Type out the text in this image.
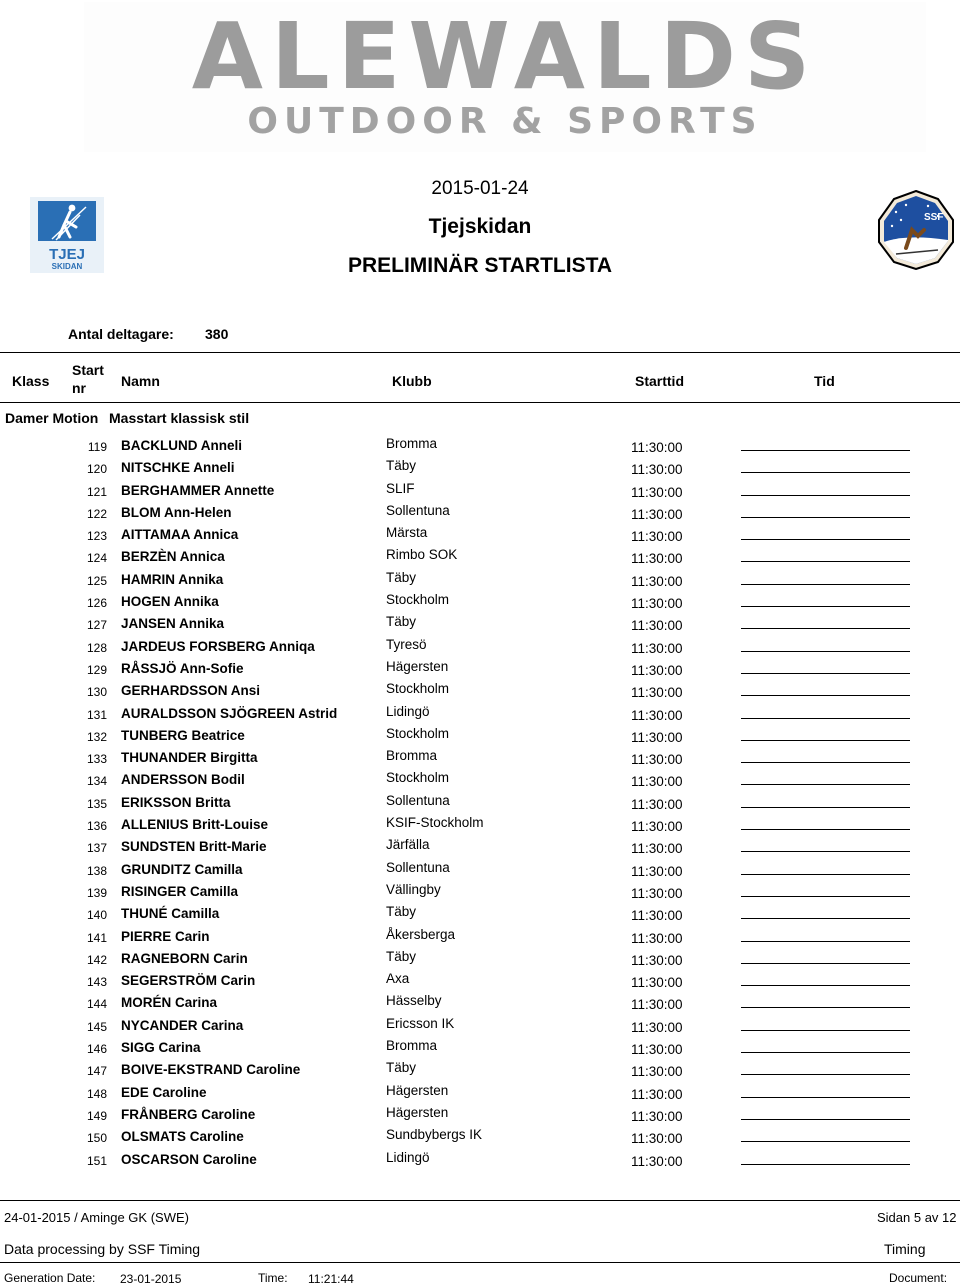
ALEWALDS
OUTDOOR & SPORTS
TJEJ
SKIDAN
SSF
2015-01-24
Tjejskidan
PRELIMINÄR STARTLISTA
Antal deltagare: 380
Klass
Start
nr	Namn	Klubb	Starttid	Tid
Damer Motion Masstart klassisk stil
119 BACKLUND Anneli	Bromma	11:30:00
120 NITSCHKE Anneli	Täby	11:30:00
121 BERGHAMMER Annette	SLIF	11:30:00
122 BLOM Ann-Helen	Sollentuna	11:30:00
123 AITTAMAA Annica	Märsta	11:30:00
124 BERZÈN Annica	Rimbo SOK	11:30:00
125 HAMRIN Annika	Täby	11:30:00
126 HOGEN Annika	Stockholm	11:30:00
127 JANSEN Annika	Täby	11:30:00
128 JARDEUS FORSBERG Anniqa	Tyresö	11:30:00
129 RÅSSJÖ Ann-Sofie	Hägersten	11:30:00
130 GERHARDSSON Ansi	Stockholm	11:30:00
131 AURALDSSON SJÖGREEN Astrid	Lidingö	11:30:00
132 TUNBERG Beatrice	Stockholm	11:30:00
133 THUNANDER Birgitta	Bromma	11:30:00
134 ANDERSSON Bodil	Stockholm	11:30:00
135 ERIKSSON Britta	Sollentuna	11:30:00
136 ALLENIUS Britt-Louise	KSIF-Stockholm	11:30:00
137 SUNDSTEN Britt-Marie	Järfälla	11:30:00
138 GRUNDITZ Camilla	Sollentuna	11:30:00
139 RISINGER Camilla	Vällingby	11:30:00
140 THUNÉ Camilla	Täby	11:30:00
141 PIERRE Carin	Åkersberga	11:30:00
142 RAGNEBORN Carin	Täby	11:30:00
143 SEGERSTRÖM Carin	Axa	11:30:00
144 MORÉN Carina	Hässelby	11:30:00
145 NYCANDER Carina	Ericsson IK	11:30:00
146 SIGG Carina	Bromma	11:30:00
147 BOIVE-EKSTRAND Caroline	Täby	11:30:00
148 EDE Caroline	Hägersten	11:30:00
149 FRÅNBERG Caroline	Hägersten	11:30:00
150 OLSMATS Caroline	Sundbybergs IK	11:30:00
151 OSCARSON Caroline	Lidingö	11:30:00
24-01-2015 / Aminge GK (SWE)	Sidan 5 av 12
Data processing by SSF Timing	Timing
Generation Date: 23-01-2015	Time: 11:21:44	Document:
